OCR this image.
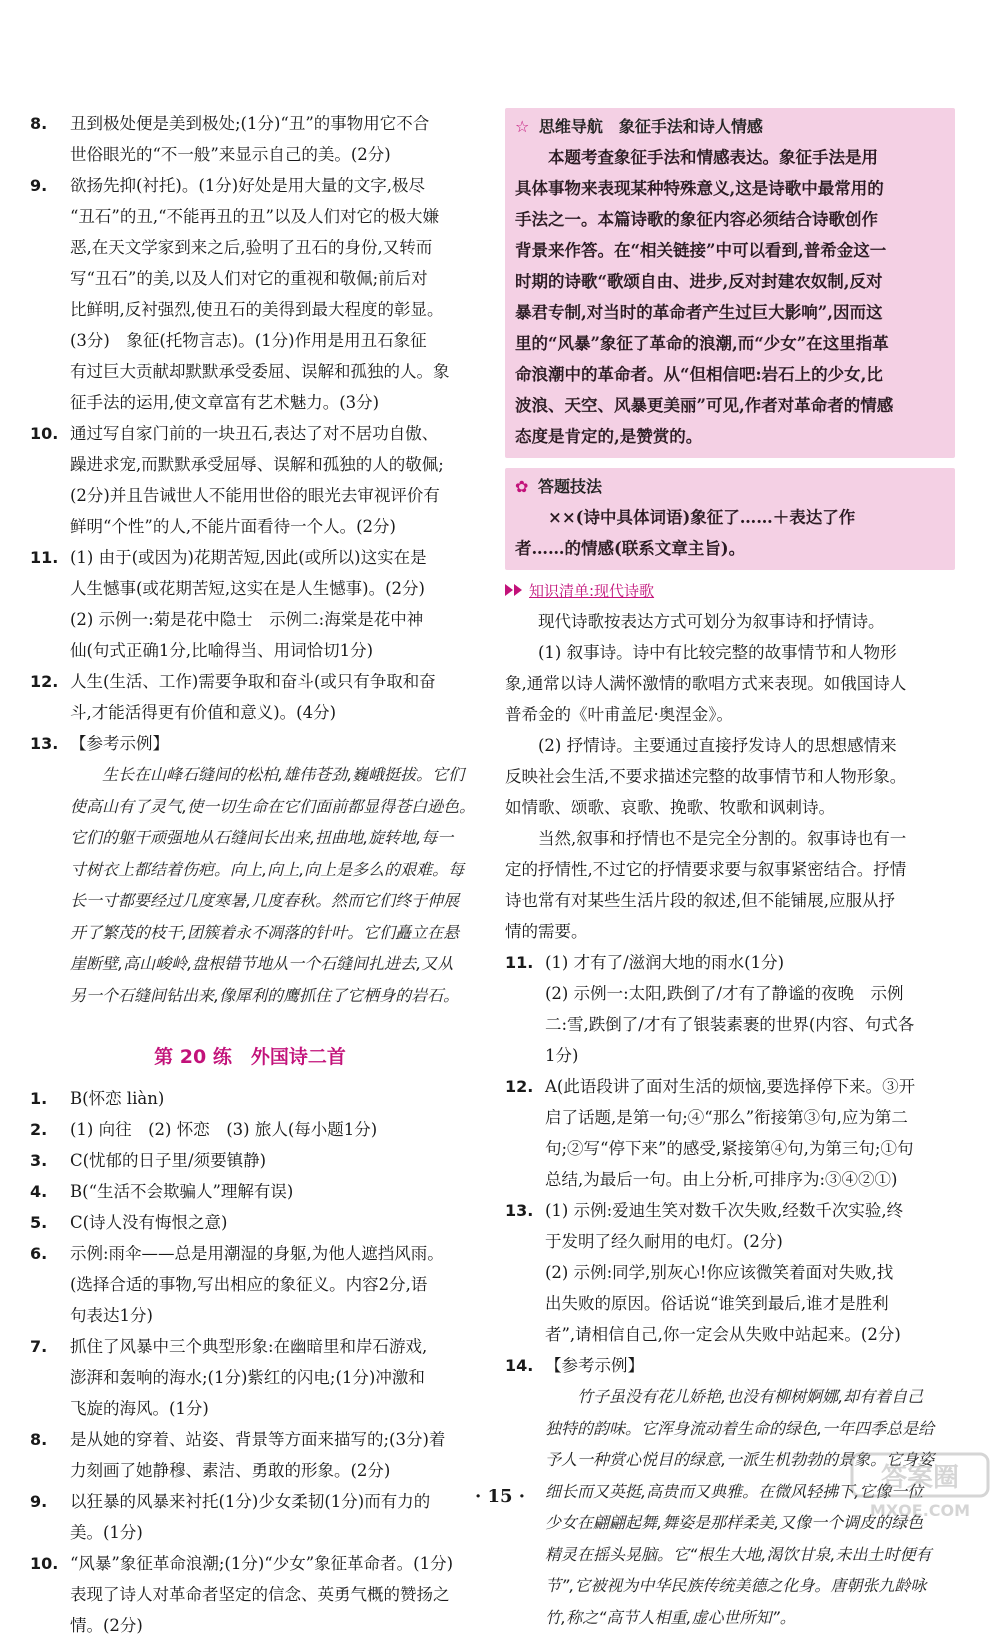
8. 丑到极处便是美到极处;(1分)“丑”的事物用它不合
世俗眼光的“不一般”来显示自己的美。(2分)
9. 欲扬先抑(衬托)。(1分)好处是用大量的文字,极尽
“丑石”的丑,“不能再丑的丑”以及人们对它的极大嫌
恶,在天文学家到来之后,验明了丑石的身份,又转而
写“丑石”的美,以及人们对它的重视和敬佩;前后对
比鲜明,反衬强烈,使丑石的美得到最大程度的彰显。
(3分)　象征(托物言志)。(1分)作用是用丑石象征
有过巨大贡献却默默承受委屈、误解和孤独的人。象
征手法的运用,使文章富有艺术魅力。(3分)
10. 通过写自家门前的一块丑石,表达了对不居功自傲、
躁进求宠,而默默承受屈辱、误解和孤独的人的敬佩;
(2分)并且告诫世人不能用世俗的眼光去审视评价有
鲜明“个性”的人,不能片面看待一个人。(2分)
11. (1) 由于(或因为)花期苦短,因此(或所以)这实在是
人生憾事(或花期苦短,这实在是人生憾事)。(2分)
(2) 示例一:菊是花中隐士　示例二:海棠是花中神
仙(句式正确1分,比喻得当、用词恰切1分)
12. 人生(生活、工作)需要争取和奋斗(或只有争取和奋
斗,才能活得更有价值和意义)。(4分)
13. 【参考示例】
　　生长在山峰石缝间的松柏,雄伟苍劲,巍峨挺拔。它们
使高山有了灵气,使一切生命在它们面前都显得苍白逊色。
它们的躯干顽强地从石缝间长出来,扭曲地,旋转地,每一
寸树衣上都结着伤疤。向上,向上,向上是多么的艰难。每
长一寸都要经过几度寒暑,几度春秋。然而它们终于伸展
开了繁茂的枝干,团簇着永不凋落的针叶。它们矗立在悬
崖断壁,高山峻岭,盘根错节地从一个石缝间扎进去,又从
另一个石缝间钻出来,像犀利的鹰抓住了它栖身的岩石。
第 20 练　外国诗二首
1. B(怀恋 liàn)
2. (1) 向往　(2) 怀恋　(3) 旅人(每小题1分)
3. C(忧郁的日子里/须要镇静)
4. B(“生活不会欺骗人”理解有误)
5. C(诗人没有悔恨之意)
6. 示例:雨伞——总是用潮湿的身躯,为他人遮挡风雨。
(选择合适的事物,写出相应的象征义。内容2分,语
句表达1分)
7. 抓住了风暴中三个典型形象:在幽暗里和岸石游戏,
澎湃和轰响的海水;(1分)紫红的闪电;(1分)冲激和
飞旋的海风。(1分)
8. 是从她的穿着、站姿、背景等方面来描写的;(3分)着
力刻画了她静穆、素洁、勇敢的形象。(2分)
9. 以狂暴的风暴来衬托(1分)少女柔韧(1分)而有力的
美。(1分)
10. “风暴”象征革命浪潮;(1分)“少女”象征革命者。(1分)
表现了诗人对革命者坚定的信念、英勇气概的赞扬之
情。(2分)
☆ 思维导航　象征手法和诗人情感
　　本题考查象征手法和情感表达。象征手法是用
具体事物来表现某种特殊意义,这是诗歌中最常用的
手法之一。本篇诗歌的象征内容必须结合诗歌创作
背景来作答。在“相关链接”中可以看到,普希金这一
时期的诗歌“歌颂自由、进步,反对封建农奴制,反对
暴君专制,对当时的革命者产生过巨大影响”,因而这
里的“风暴”象征了革命的浪潮,而“少女”在这里指革
命浪潮中的革命者。从“但相信吧:岩石上的少女,比
波浪、天空、风暴更美丽”可见,作者对革命者的情感
态度是肯定的,是赞赏的。
✿ 答题技法
　　××(诗中具体词语)象征了……＋表达了作
者……的情感(联系文章主旨)。
知识清单:现代诗歌
　　现代诗歌按表达方式可划分为叙事诗和抒情诗。
　　(1) 叙事诗。诗中有比较完整的故事情节和人物形
象,通常以诗人满怀激情的歌唱方式来表现。如俄国诗人
普希金的《叶甫盖尼·奥涅金》。
　　(2) 抒情诗。主要通过直接抒发诗人的思想感情来
反映社会生活,不要求描述完整的故事情节和人物形象。
如情歌、颂歌、哀歌、挽歌、牧歌和讽刺诗。
　　当然,叙事和抒情也不是完全分割的。叙事诗也有一
定的抒情性,不过它的抒情要求要与叙事紧密结合。抒情
诗也常有对某些生活片段的叙述,但不能铺展,应服从抒
情的需要。
11. (1) 才有了/滋润大地的雨水(1分)
(2) 示例一:太阳,跌倒了/才有了静谧的夜晚　示例
二:雪,跌倒了/才有了银装素裹的世界(内容、句式各
1分)
12. A(此语段讲了面对生活的烦恼,要选择停下来。③开
启了话题,是第一句;④“那么”衔接第③句,应为第二
句;②写“停下来”的感受,紧接第④句,为第三句;①句
总结,为最后一句。由上分析,可排序为:③④②①)
13. (1) 示例:爱迪生笑对数千次失败,经数千次实验,终
于发明了经久耐用的电灯。(2分)
(2) 示例:同学,别灰心!你应该微笑着面对失败,找
出失败的原因。俗话说“谁笑到最后,谁才是胜利
者”,请相信自己,你一定会从失败中站起来。(2分)
14. 【参考示例】
　　竹子虽没有花儿娇艳,也没有柳树婀娜,却有着自己
独特的韵味。它浑身流动着生命的绿色,一年四季总是给
予人一种赏心悦目的绿意,一派生机勃勃的景象。它身姿
细长而又英挺,高贵而又典雅。在微风轻拂下,它像一位
少女在翩翩起舞,舞姿是那样柔美,又像一个调皮的绿色
精灵在摇头晃脑。它“根生大地,渴饮甘泉,未出土时便有
节”,它被视为中华民族传统美德之化身。唐朝张九龄咏
竹,称之“高节人相重,虚心世所知”。
· 15 ·
答案圈
MXQE.COM
